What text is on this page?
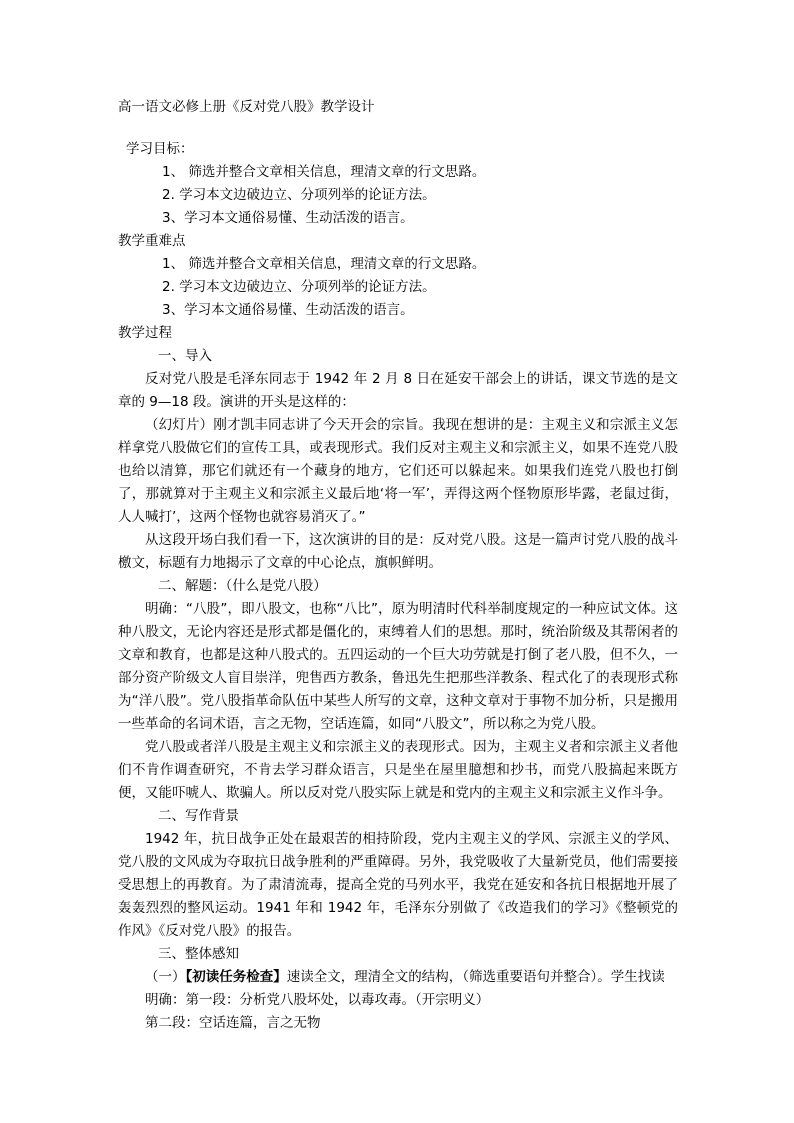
高一语文必修上册《反对党八股》教学设计

学习目标：

1、 筛选并整合文章相关信息，理清文章的行文思路。

2. 学习本文边破边立、分项列举的论证方法。

3、学习本文通俗易懂、生动活泼的语言。

教学重难点

1、 筛选并整合文章相关信息，理清文章的行文思路。

2. 学习本文边破边立、分项列举的论证方法。

3、学习本文通俗易懂、生动活泼的语言。

教学过程

一、导入

反对党八股是毛泽东同志于 1942 年 2 月 8 日在延安干部会上的讲话，课文节选的是文章的 9—18 段。演讲的开头是这样的：

（幻灯片）刚才凯丰同志讲了今天开会的宗旨。我现在想讲的是：主观主义和宗派主义怎样拿党八股做它们的宣传工具，或表现形式。我们反对主观主义和宗派主义，如果不连党八股也给以清算，那它们就还有一个藏身的地方，它们还可以躲起来。如果我们连党八股也打倒了，那就算对于主观主义和宗派主义最后地‘将一军’，弄得这两个怪物原形毕露，老鼠过街，人人喊打’，这两个怪物也就容易消灭了。”

从这段开场白我们看一下，这次演讲的目的是：反对党八股。这是一篇声讨党八股的战斗檄文，标题有力地揭示了文章的中心论点，旗帜鲜明。

二、解题：（什么是党八股）

明确：“八股”，即八股文，也称“八比”，原为明清时代科举制度规定的一种应试文体。这种八股文，无论内容还是形式都是僵化的，束缚着人们的思想。那时，统治阶级及其帮闲者的文章和教育，也都是这种八股式的。五四运动的一个巨大功劳就是打倒了老八股，但不久，一部分资产阶级文人盲目崇洋，兜售西方教条，鲁迅先生把那些洋教条、程式化了的表现形式称为“洋八股”。党八股指革命队伍中某些人所写的文章，这种文章对于事物不加分析，只是搬用一些革命的名词术语，言之无物，空话连篇，如同“八股文”，所以称之为党八股。

党八股或者洋八股是主观主义和宗派主义的表现形式。因为，主观主义者和宗派主义者他们不肯作调查研究，不肯去学习群众语言，只是坐在屋里臆想和抄书，而党八股搞起来既方便，又能吓唬人、欺骗人。所以反对党八股实际上就是和党内的主观主义和宗派主义作斗争。

二、写作背景

1942 年，抗日战争正处在最艰苦的相持阶段，党内主观主义的学风、宗派主义的学风、党八股的文风成为夺取抗日战争胜利的严重障碍。另外，我党吸收了大量新党员，他们需要接受思想上的再教育。为了肃清流毒，提高全党的马列水平，我党在延安和各抗日根据地开展了轰轰烈烈的整风运动。1941 年和 1942 年，毛泽东分别做了《改造我们的学习》《整顿党的作风》《反对党八股》的报告。

三、整体感知

（一）【初读任务检查】速读全文，理清全文的结构，（筛选重要语句并整合）。学生找读

明确：第一段：分析党八股坏处，以毒攻毒。（开宗明义）

第二段：空话连篇，言之无物
